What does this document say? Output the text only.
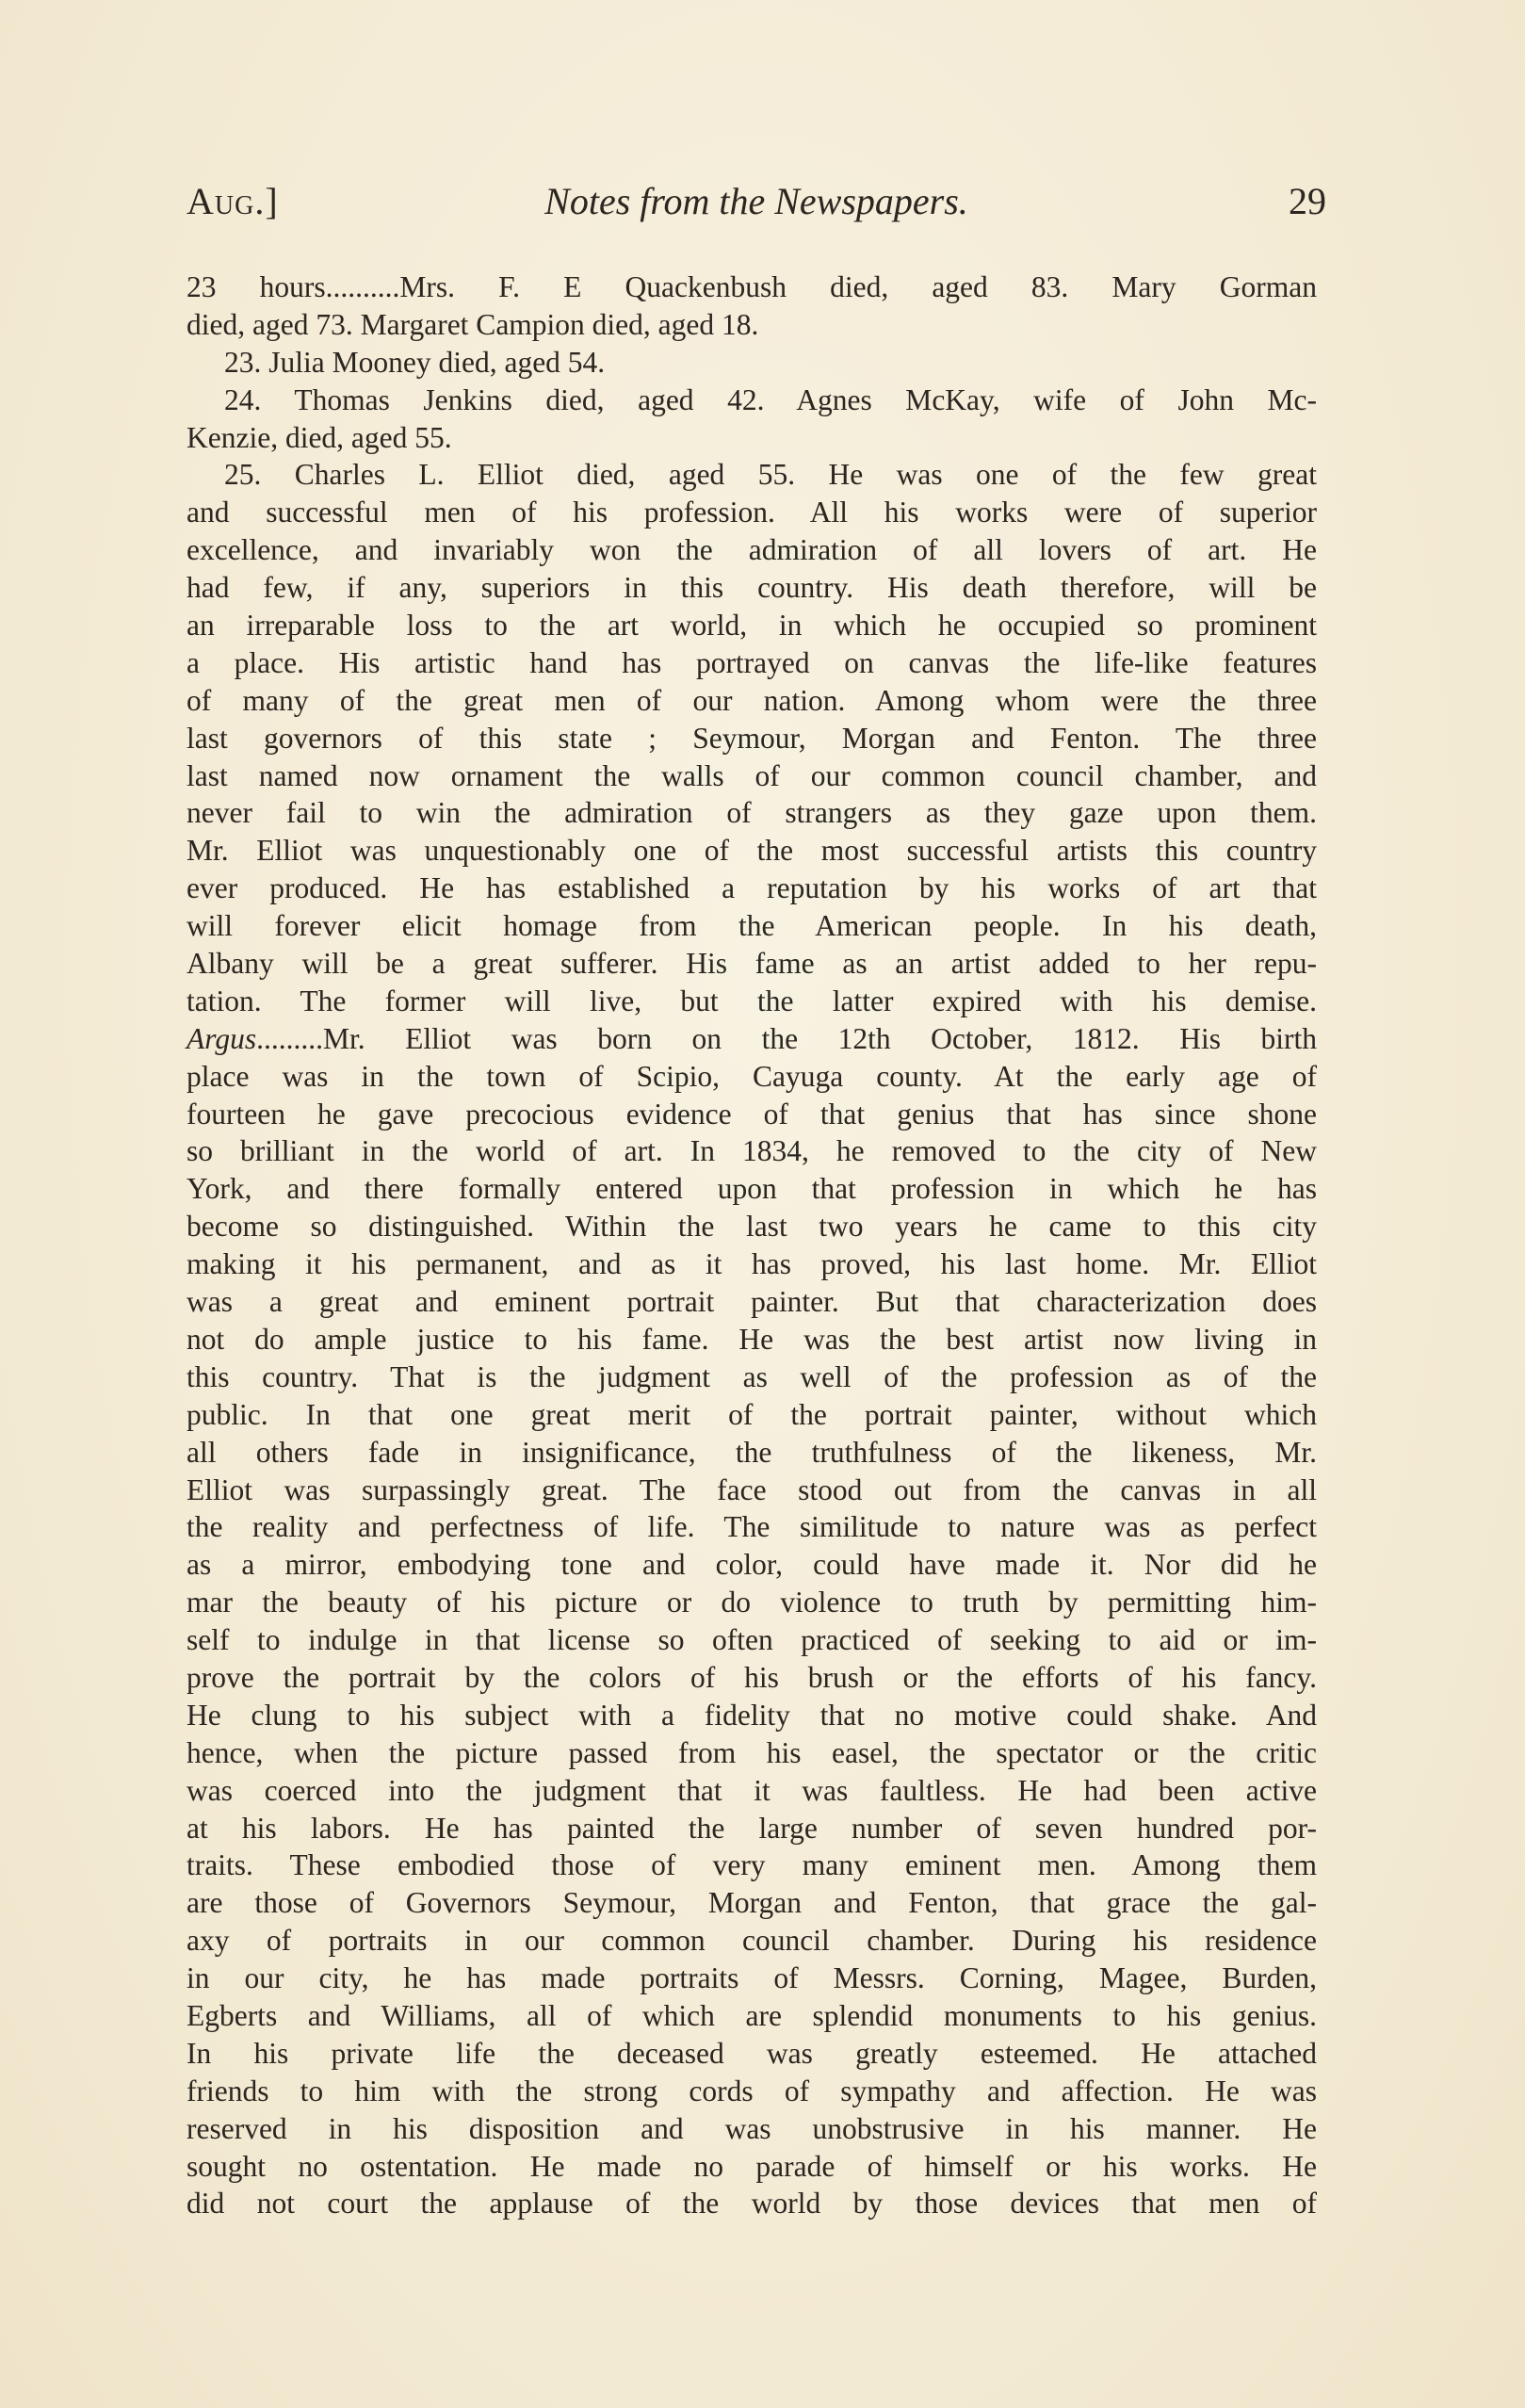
Aug.]	Notes from the Newspapers.	29
23 hours..........Mrs. F. E Quackenbush died, aged 83. Mary Gorman
died, aged 73. Margaret Campion died, aged 18.
23. Julia Mooney died, aged 54.
24. Thomas Jenkins died, aged 42. Agnes McKay, wife of John Mc-
Kenzie, died, aged 55.
25. Charles L. Elliot died, aged 55. He was one of the few great
and successful men of his profession. All his works were of superior
excellence, and invariably won the admiration of all lovers of art. He
had few, if any, superiors in this country. His death therefore, will be
an irreparable loss to the art world, in which he occupied so prominent
a place. His artistic hand has portrayed on canvas the life-like features
of many of the great men of our nation. Among whom were the three
last governors of this state ; Seymour, Morgan and Fenton. The three
last named now ornament the walls of our common council chamber, and
never fail to win the admiration of strangers as they gaze upon them.
Mr. Elliot was unquestionably one of the most successful artists this country
ever produced. He has established a reputation by his works of art that
will forever elicit homage from the American people. In his death,
Albany will be a great sufferer. His fame as an artist added to her repu-
tation. The former will live, but the latter expired with his demise.
Argus.........Mr. Elliot was born on the 12th October, 1812. His birth
place was in the town of Scipio, Cayuga county. At the early age of
fourteen he gave precocious evidence of that genius that has since shone
so brilliant in the world of art. In 1834, he removed to the city of New
York, and there formally entered upon that profession in which he has
become so distinguished. Within the last two years he came to this city
making it his permanent, and as it has proved, his last home. Mr. Elliot
was a great and eminent portrait painter. But that characterization does
not do ample justice to his fame. He was the best artist now living in
this country. That is the judgment as well of the profession as of the
public. In that one great merit of the portrait painter, without which
all others fade in insignificance, the truthfulness of the likeness, Mr.
Elliot was surpassingly great. The face stood out from the canvas in all
the reality and perfectness of life. The similitude to nature was as perfect
as a mirror, embodying tone and color, could have made it. Nor did he
mar the beauty of his picture or do violence to truth by permitting him-
self to indulge in that license so often practiced of seeking to aid or im-
prove the portrait by the colors of his brush or the efforts of his fancy.
He clung to his subject with a fidelity that no motive could shake. And
hence, when the picture passed from his easel, the spectator or the critic
was coerced into the judgment that it was faultless. He had been active
at his labors. He has painted the large number of seven hundred por-
traits. These embodied those of very many eminent men. Among them
are those of Governors Seymour, Morgan and Fenton, that grace the gal-
axy of portraits in our common council chamber. During his residence
in our city, he has made portraits of Messrs. Corning, Magee, Burden,
Egberts and Williams, all of which are splendid monuments to his genius.
In his private life the deceased was greatly esteemed. He attached
friends to him with the strong cords of sympathy and affection. He was
reserved in his disposition and was unobstrusive in his manner. He
sought no ostentation. He made no parade of himself or his works. He
did not court the applause of the world by those devices that men of
